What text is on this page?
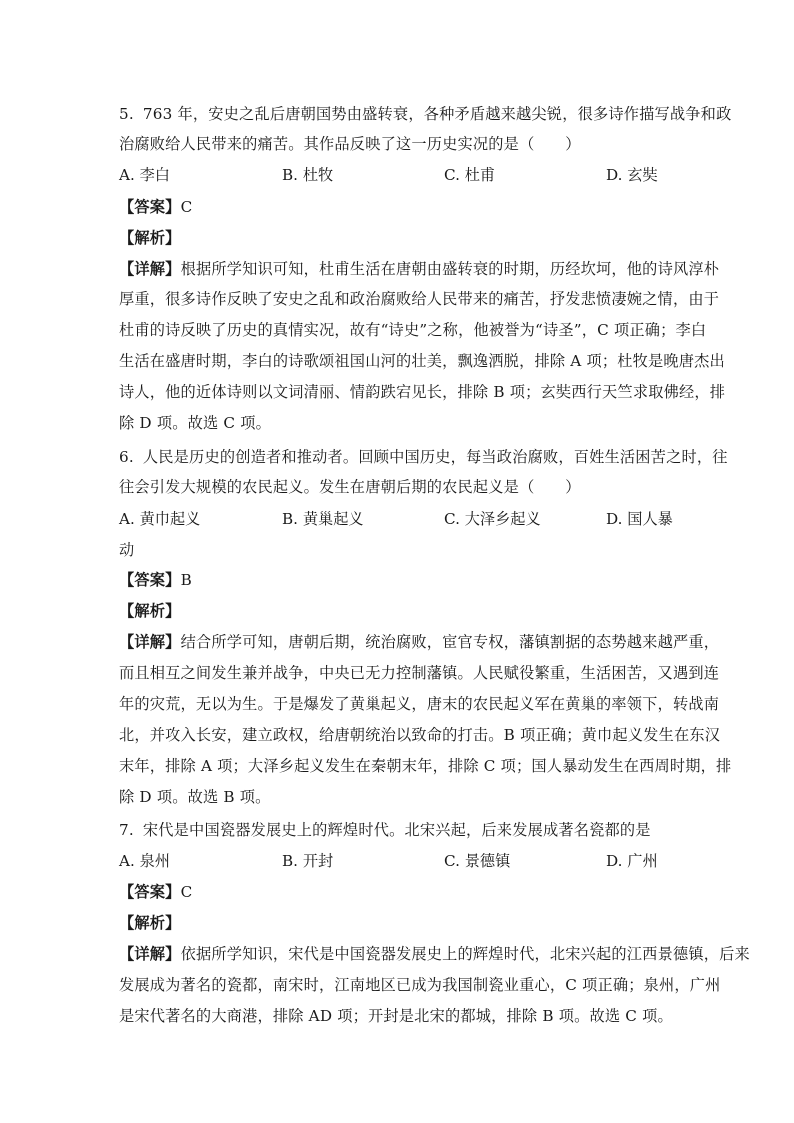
5. 763 年，安史之乱后唐朝国势由盛转衰，各种矛盾越来越尖锐，很多诗作描写战争和政
治腐败给人民带来的痛苦。其作品反映了这一历史实况的是（　　）
A. 李白	B. 杜牧	C. 杜甫	D. 玄奘
【答案】C
【解析】
【详解】根据所学知识可知，杜甫生活在唐朝由盛转衰的时期，历经坎坷，他的诗风淳朴
厚重，很多诗作反映了安史之乱和政治腐败给人民带来的痛苦，抒发悲愤凄婉之情，由于
杜甫的诗反映了历史的真情实况，故有“诗史”之称，他被誉为“诗圣”，C 项正确；李白
生活在盛唐时期，李白的诗歌颂祖国山河的壮美，飘逸洒脱，排除 A 项；杜牧是晚唐杰出
诗人，他的近体诗则以文词清丽、情韵跌宕见长，排除 B 项；玄奘西行天竺求取佛经，排
除 D 项。故选 C 项。
6. 人民是历史的创造者和推动者。回顾中国历史，每当政治腐败，百姓生活困苦之时，往
往会引发大规模的农民起义。发生在唐朝后期的农民起义是（　　）
A. 黄巾起义	B. 黄巢起义	C. 大泽乡起义	D. 国人暴
动
【答案】B
【解析】
【详解】结合所学可知，唐朝后期，统治腐败，宦官专权，藩镇割据的态势越来越严重，
而且相互之间发生兼并战争，中央已无力控制藩镇。人民赋役繁重，生活困苦，又遇到连
年的灾荒，无以为生。于是爆发了黄巢起义，唐末的农民起义军在黄巢的率领下，转战南
北，并攻入长安，建立政权，给唐朝统治以致命的打击。B 项正确；黄巾起义发生在东汉
末年，排除 A 项；大泽乡起义发生在秦朝末年，排除 C 项；国人暴动发生在西周时期，排
除 D 项。故选 B 项。
7. 宋代是中国瓷器发展史上的辉煌时代。北宋兴起，后来发展成著名瓷都的是
A. 泉州	B. 开封	C. 景德镇	D. 广州
【答案】C
【解析】
【详解】依据所学知识，宋代是中国瓷器发展史上的辉煌时代，北宋兴起的江西景德镇，后来
发展成为著名的瓷都，南宋时，江南地区已成为我国制瓷业重心，C 项正确；泉州，广州
是宋代著名的大商港，排除 AD 项；开封是北宋的都城，排除 B 项。故选 C 项。
